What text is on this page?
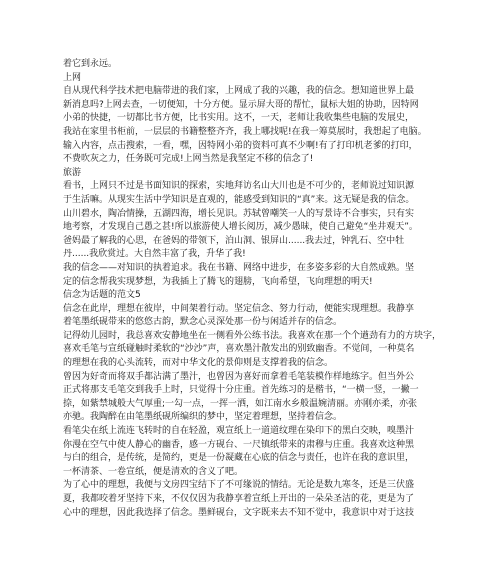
着它到永远。

上网

自从现代科学技术把电脑带进的我们家，上网成了我的兴趣，我的信念。想知道世界上最

新消息吗?上网去查，一切便知，十分方便。显示屏大哥的帮忙，鼠标大姐的协助，因特网

小弟的快捷，一切都比书方便，比书实用。这不，一天，老师让我收集些电脑的发展史，

我站在家里书柜前，一层层的书籍整整齐齐，我上哪找呢!在我一筹莫展时，我想起了电脑。

输入内容，点击搜索，一看，嘿，因特网小弟的资料可真不少啊!有了打印机老爹的打印，

不费吹灰之力，任务既可完成!上网当然是我坚定不移的信念了!

旅游

看书，上网只不过是书面知识的探索，实地拜访名山大川也是不可少的，老师说过知识源

于生活嘛。从现实生活中学知识是直观的，能感受到知识的“真”来。这无疑是我的信念。

山川碧水，陶冶情操，五湖四海，增长见识。苏轼曾嘲笑一人的写景诗不合事实，只有实

地考察，才发现自己愚之甚!所以旅游使人增长阅历，减少愚昧，使自己避免“坐井观天”。

爸妈最了解我的心思，在爸妈的带领下，泊山洞、银屏山......我去过，钟乳石、空中牡

丹......我欣赏过。大自然丰富了我，升华了我!

我的信念——对知识的执着追求。我在书籍、网络中进步，在多姿多彩的大自然成熟。坚

定的信念帮我实现梦想，为我插上了腾飞的翅膀，飞向希望，飞向理想的明天!

信念为话题的范文5

信念在此岸，理想在彼岸，中间架着行动。坚定信念、努力行动，便能实现理想。我静享

着笔墨纸砚带来的悠悠古韵，默念心灵深处那一份与闲适并存的信念。

记得幼儿园时，我总喜欢安静地坐在一侧看外公练书法。我喜欢在那一个个遒劲有力的方块字，

喜欢毛笔与宣纸碰触时柔软的“沙沙”声，喜欢墨汁散发出的别致幽香。不觉间，一种莫名

的理想在我的心头流转，而对中华文化的景仰则是支撑着我的信念。

曾因为好奇而将双手都沾满了墨汁，也曾因为喜好而拿着毛笔装模作样地练字。但当外公

正式将那支毛笔交到我手上时，只觉得十分庄重。首先练习的是楷书，“一横一竖，一撇一

捺，如紫禁城般大气厚重;一勾一点，一挥一洒，如江南水乡般温婉清丽。亦刚亦柔，亦张

亦驰。我陶醉在由笔墨纸砚所编织的梦中，坚定着理想，坚持着信念。

看笔尖在纸上流连飞转时的自在轻盈，观宣纸上一道道纹理在染印下的黑白交映，嗅墨汁

你漫在空气中使人静心的幽香，感一方砚台、一尺镇纸带来的肃穆与庄重。我喜欢这种黑

与白的组合，是传统，是简约，更是一份凝藏在心底的信念与责任，也许在我的意识里，

一杯清茶、一卷宣纸，便是清欢的含义了吧。

为了心中的理想，我便与文房四宝结下了不可缘说的情结。无论是数九寒冬，还是三伏盛

夏，我都咬着牙坚持下来，不仅仅因为我静享着宣纸上开出的一朵朵圣洁的花，更是为了

心中的理想，因此我选择了信念。墨鲜砚台，文字既来去不知不觉中，我意识中对于这技
